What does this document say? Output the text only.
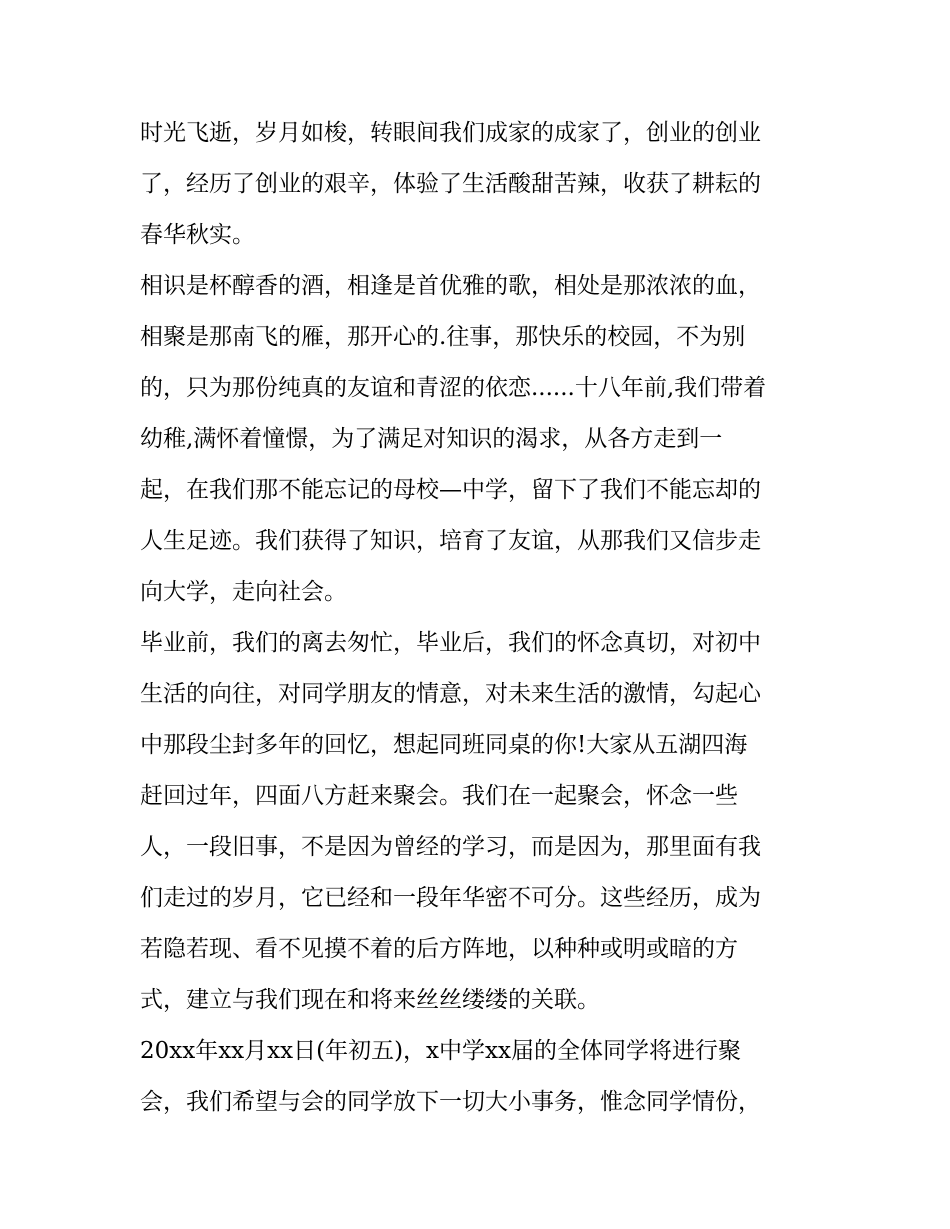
时光飞逝，岁月如梭，转眼间我们成家的成家了，创业的创业
了，经历了创业的艰辛，体验了生活酸甜苦辣，收获了耕耘的
春华秋实。
相识是杯醇香的酒，相逢是首优雅的歌，相处是那浓浓的血，
相聚是那南飞的雁，那开心的.往事，那快乐的校园，不为别
的，只为那份纯真的友谊和青涩的依恋......十八年前,我们带着
幼稚,满怀着憧憬，为了满足对知识的渴求，从各方走到一
起，在我们那不能忘记的母校—中学，留下了我们不能忘却的
人生足迹。我们获得了知识，培育了友谊，从那我们又信步走
向大学，走向社会。
毕业前，我们的离去匆忙，毕业后，我们的怀念真切，对初中
生活的向往，对同学朋友的情意，对未来生活的激情，勾起心
中那段尘封多年的回忆，想起同班同桌的你!大家从五湖四海
赶回过年，四面八方赶来聚会。我们在一起聚会，怀念一些
人，一段旧事，不是因为曾经的学习，而是因为，那里面有我
们走过的岁月，它已经和一段年华密不可分。这些经历，成为
若隐若现、看不见摸不着的后方阵地，以种种或明或暗的方
式，建立与我们现在和将来丝丝缕缕的关联。
20xx年xx月xx日(年初五)，x中学xx届的全体同学将进行聚
会，我们希望与会的同学放下一切大小事务，惟念同学情份，
